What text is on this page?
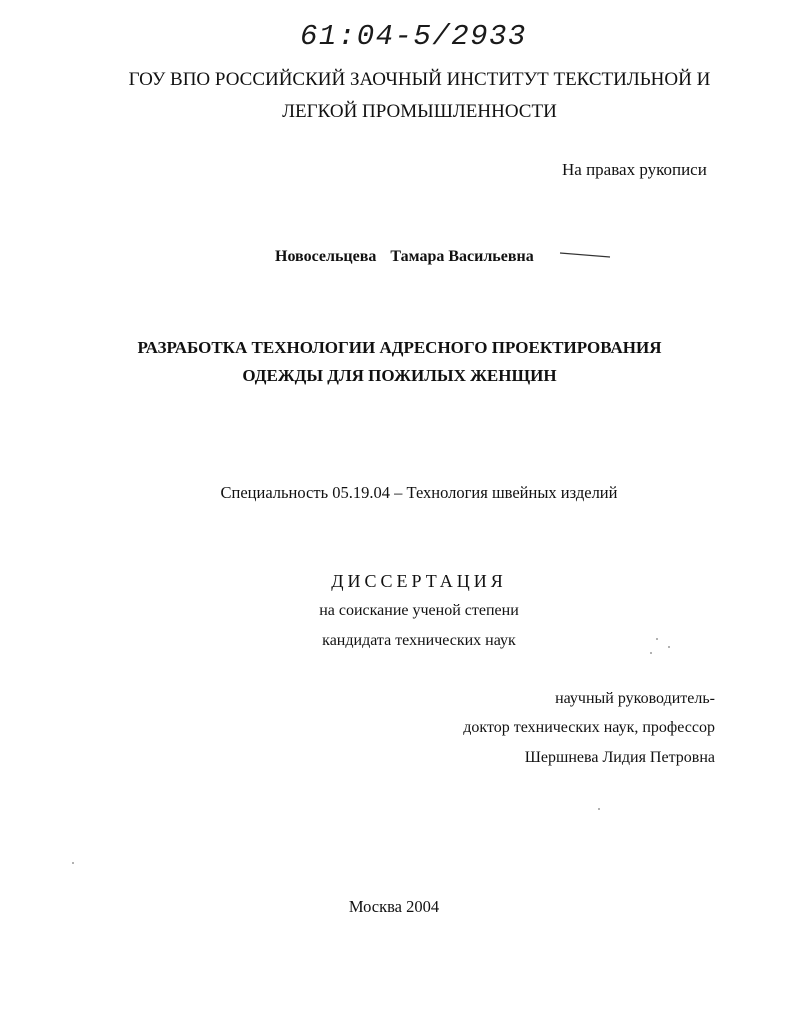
61:04-5/2933
ГОУ ВПО РОССИЙСКИЙ ЗАОЧНЫЙ ИНСТИТУТ ТЕКСТИЛЬНОЙ И
ЛЕГКОЙ ПРОМЫШЛЕННОСТИ
На правах рукописи
Новосельцева Тамара Васильевна
РАЗРАБОТКА ТЕХНОЛОГИИ АДРЕСНОГО ПРОЕКТИРОВАНИЯ
ОДЕЖДЫ ДЛЯ ПОЖИЛЫХ ЖЕНЩИН
Специальность 05.19.04 – Технология швейных изделий
ДИССЕРТАЦИЯ
на соискание ученой степени
кандидата технических наук
научный руководитель-
доктор технических наук, профессор
Шершнева Лидия Петровна
Москва 2004
